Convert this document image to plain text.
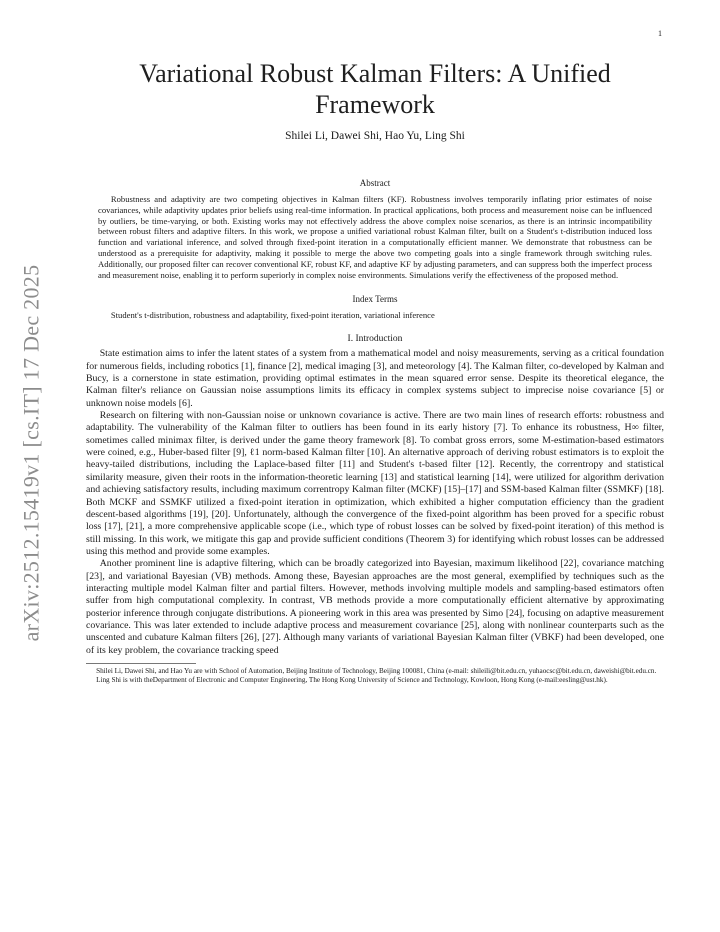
1
arXiv:2512.15419v1 [cs.IT] 17 Dec 2025
Variational Robust Kalman Filters: A Unified Framework
Shilei Li, Dawei Shi, Hao Yu, Ling Shi
Abstract

Robustness and adaptivity are two competing objectives in Kalman filters (KF). Robustness involves temporarily inflating prior estimates of noise covariances, while adaptivity updates prior beliefs using real-time information. In practical applications, both process and measurement noise can be influenced by outliers, be time-varying, or both. Existing works may not effectively address the above complex noise scenarios, as there is an intrinsic incompatibility between robust filters and adaptive filters. In this work, we propose a unified variational robust Kalman filter, built on a Student's t-distribution induced loss function and variational inference, and solved through fixed-point iteration in a computationally efficient manner. We demonstrate that robustness can be understood as a prerequisite for adaptivity, making it possible to merge the above two competing goals into a single framework through switching rules. Additionally, our proposed filter can recover conventional KF, robust KF, and adaptive KF by adjusting parameters, and can suppress both the imperfect process and measurement noise, enabling it to perform superiorly in complex noise environments. Simulations verify the effectiveness of the proposed method.

Index Terms

Student's t-distribution, robustness and adaptability, fixed-point iteration, variational inference

I. Introduction

State estimation aims to infer the latent states of a system from a mathematical model and noisy measurements, serving as a critical foundation for numerous fields, including robotics [1], finance [2], medical imaging [3], and meteorology [4]. The Kalman filter, co-developed by Kalman and Bucy, is a cornerstone in state estimation, providing optimal estimates in the mean squared error sense. Despite its theoretical elegance, the Kalman filter's reliance on Gaussian noise assumptions limits its efficacy in complex systems subject to imprecise noise covariance [5] or unknown noise models [6].

Research on filtering with non-Gaussian noise or unknown covariance is active. There are two main lines of research efforts: robustness and adaptability. The vulnerability of the Kalman filter to outliers has been found in its early history [7]. To enhance its robustness, H∞ filter, sometimes called minimax filter, is derived under the game theory framework [8]. To combat gross errors, some M-estimation-based estimators were coined, e.g., Huber-based filter [9], ℓ1 norm-based Kalman filter [10]. An alternative approach of deriving robust estimators is to exploit the heavy-tailed distributions, including the Laplace-based filter [11] and Student's t-based filter [12]. Recently, the correntropy and statistical similarity measure, given their roots in the information-theoretic learning [13] and statistical learning [14], were utilized for algorithm derivation and achieving satisfactory results, including maximum correntropy Kalman filter (MCKF) [15]–[17] and SSM-based Kalman filter (SSMKF) [18]. Both MCKF and SSMKF utilized a fixed-point iteration in optimization, which exhibited a higher computation efficiency than the gradient descent-based algorithms [19], [20]. Unfortunately, although the convergence of the fixed-point algorithm has been proved for a specific robust loss [17], [21], a more comprehensive applicable scope (i.e., which type of robust losses can be solved by fixed-point iteration) of this method is still missing. In this work, we mitigate this gap and provide sufficient conditions (Theorem 3) for identifying which robust losses can be addressed using this method and provide some examples.

Another prominent line is adaptive filtering, which can be broadly categorized into Bayesian, maximum likelihood [22], covariance matching [23], and variational Bayesian (VB) methods. Among these, Bayesian approaches are the most general, exemplified by techniques such as the interacting multiple model Kalman filter and partial filters. However, methods involving multiple models and sampling-based estimators often suffer from high computational complexity. In contrast, VB methods provide a more computationally efficient alternative by approximating posterior inference through conjugate distributions. A pioneering work in this area was presented by Simo [24], focusing on adaptive measurement covariance. This was later extended to include adaptive process and measurement covariance [25], along with nonlinear counterparts such as the unscented and cubature Kalman filters [26], [27]. Although many variants of variational Bayesian Kalman filter (VBKF) had been developed, one of its key problem, the covariance tracking speed

Shilei Li, Dawei Shi, and Hao Yu are with School of Automation, Beijing Institute of Technology, Beijing 100081, China (e-mail: shileili@bit.edu.cn, yuhaocsc@bit.edu.cn, daweishi@bit.edu.cn.

Ling Shi is with theDepartment of Electronic and Computer Engineering, The Hong Kong University of Science and Technology, Kowloon, Hong Kong (e-mail:eesling@ust.hk).
